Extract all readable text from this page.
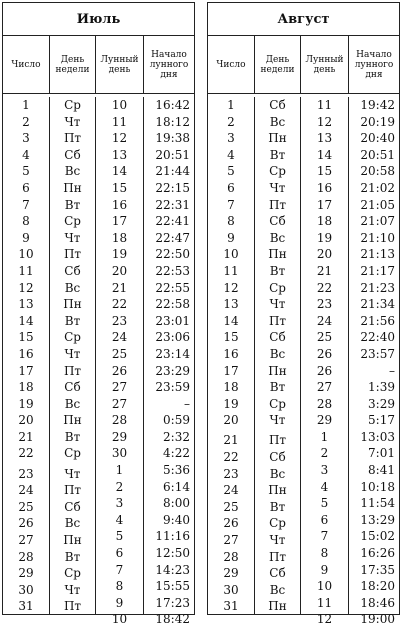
Июль
Число	День недели
Лунный день
Начало лунного дня
1
2
3
4
5
6
7
8
9
10
11
12
13
14
15
16
17
18
19
20
21
22
23
24
25
26
27
28
29
30
31
Ср
Чт
Пт
Сб
Вс
Пн
Вт
Ср
Чт
Пт
Сб
Вс
Пн
Вт
Ср
Чт
Пт
Сб
Вс
Пн
Вт
Ср
Чт
Пт
Сб
Вс
Пн
Вт
Ср
Чт
Пт
10
11
12
13
14
15
16
17
18
19
20
21
22
23
24
25
26
27
27
28
29
30
1
2
3
4
5
6
7
8
9
10
16:42
18:12
19:38
20:51
21:44
22:15
22:31
22:41
22:47
22:50
22:53
22:55
22:58
23:01
23:06
23:14
23:29
23:59
–
0:59
2:32
4:22
5:36
6:14
8:00
9:40
11:16
12:50
14:23
15:55
17:23
18:42
Август
Число	День недели
Лунный день
Начало лунного дня
1
2
3
4
5
6
7
8
9
10
11
12
13
14
15
16
17
18
19
20
21
22
23
24
25
26
27
28
29
30
31
Сб
Вс
Пн
Вт
Ср
Чт
Пт
Сб
Вс
Пн
Вт
Ср
Чт
Пт
Сб
Вс
Пн
Вт
Ср
Чт
Пт
Сб
Вс
Пн
Вт
Ср
Чт
Пт
Сб
Вс
Пн
11
12
13
14
15
16
17
18
19
20
21
22
23
24
25
26
26
27
28
29
1
2
3
4
5
6
7
8
9
10
11
12
19:42
20:19
20:40
20:51
20:58
21:02
21:05
21:07
21:10
21:13
21:17
21:23
21:34
21:56
22:40
23:57
–
1:39
3:29
5:17
13:03
7:01
8:41
10:18
11:54
13:29
15:02
16:26
17:35
18:20
18:46
19:00
